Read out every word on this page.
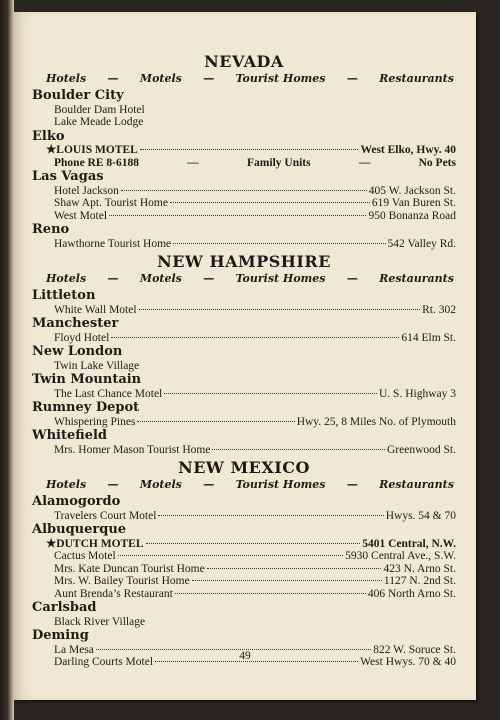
NEVADA
Hotels — Motels — Tourist Homes — Restaurants
Boulder City
Boulder Dam Hotel
Lake Meade Lodge
Elko
★LOUIS MOTEL	West Elko, Hwy. 40
Phone RE 8-6188	—	Family Units	—	No Pets
Las Vagas
Hotel Jackson	405 W. Jackson St.
Shaw Apt. Tourist Home	619 Van Buren St.
West Motel	950 Bonanza Road
Reno
Hawthorne Tourist Home	542 Valley Rd.
NEW HAMPSHIRE
Hotels — Motels — Tourist Homes — Restaurants
Littleton
White Wall Motel	Rt. 302
Manchester
Floyd Hotel	614 Elm St.
New London
Twin Lake Village
Twin Mountain
The Last Chance Motel	U. S. Highway 3
Rumney Depot
Whispering Pines	Hwy. 25, 8 Miles No. of Plymouth
Whitefield
Mrs. Homer Mason Tourist Home	Greenwood St.
NEW MEXICO
Hotels — Motels — Tourist Homes — Restaurants
Alamogordo
Travelers Court Motel	Hwys. 54 & 70
Albuquerque
★DUTCH MOTEL	5401 Central, N.W.
Cactus Motel	5930 Central Ave., S.W.
Mrs. Kate Duncan Tourist Home	423 N. Arno St.
Mrs. W. Bailey Tourist Home	1127 N. 2nd St.
Aunt Brenda’s Restaurant	406 North Arno St.
Carlsbad
Black River Village
Deming
La Mesa	822 W. Soruce St.
Darling Courts Motel	West Hwys. 70 & 40
49
